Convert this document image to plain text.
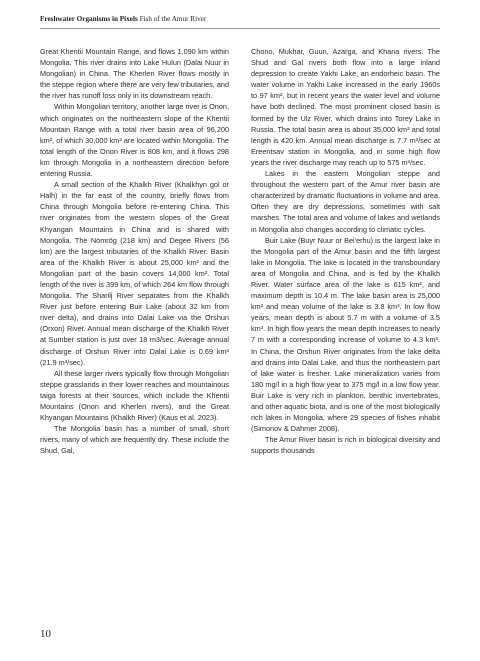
Freshwater Organisms in Pixels Fish of the Amur River

Great Khentii Mountain Range, and flows 1,090 km within Mongolia. This river drains into Lake Hulun (Dalai Nuur in Mongolian) in China. The Kherlen River flows mostly in the steppe region where there are very few tributaries, and the river has runoff loss only in its downstream reach.

Within Mongolian territory, another large river is Onon, which originates on the northeastern slope of the Khentii Mountain Range with a total river basin area of 96,200 km², of which 30,000 km² are located within Mongolia. The total length of the Onon River is 808 km, and it flows 298 km through Mongolia in a northeastern direction before entering Russia.

A small section of the Khalkh River (Khalkhyn gol or Halh) in the far east of the country, briefly flows from China through Mongolia before re-entering China. This river originates from the western slopes of the Great Khyangan Mountains in China and is shared with Mongolia. The Nömrög (218 km) and Degee Rivers (56 km) are the largest tributaries of the Khalkh River. Basin area of the Khalkh River is about 25,000 km² and the Mongolian part of the basin covers 14,000 km². Total length of the river is 399 km, of which 264 km flow through Mongolia. The Sharilj River separates from the Khalkh River just before entering Buir Lake (about 32 km from river delta), and drains into Dalai Lake via the Orshun (Orxon) River. Annual mean discharge of the Khalkh River at Sumber station is just over 18 m3/sec. Average annual discharge of Orshun River into Dalai Lake is 0.69 km³ (21.9 m³/sec).

All these larger rivers typically flow through Mongolian steppe grasslands in their lower reaches and mountainous taiga forests at their sources, which include the Khentii Mountains (Onon and Kherlen rivers), and the Great Khyangan Mountains (Khalkh River) (Kaus et al. 2023).

The Mongolia basin has a number of small, short rivers, many of which are frequently dry. These include the Shud, Gal,

Chono, Mukhar, Guun, Azarga, and Khana rivers. The Shud and Gal rivers both flow into a large inland depression to create Yakhi Lake, an endorheic basin. The water volume in Yakhi Lake increased in the early 1960s to 97 km², but in recent years the water level and volume have both declined. The most prominent closed basin is formed by the Ulz River, which drains into Torey Lake in Russia. The total basin area is about 35,000 km² and total length is 420 km. Annual mean discharge is 7.7 m³/sec at Ereentsav station in Mongolia, and in some high flow years the river discharge may reach up to 575 m³/sec.

Lakes in the eastern Mongolian steppe and throughout the western part of the Amur river basin are characterized by dramatic fluctuations in volume and area. Often they are dry depressions, sometimes with salt marshes. The total area and volume of lakes and wetlands in Mongolia also changes according to climatic cycles.

Buir Lake (Buyr Nuur or Bei'erhu) is the largest lake in the Mongolia part of the Amur basin and the fifth largest lake in Mongolia. The lake is located in the transboundary area of Mongolia and China, and is fed by the Khalkh River. Water surface area of the lake is 615 km², and maximum depth is 10.4 m. The lake basin area is 25,000 km² and mean volume of the lake is 3.8 km³. In low flow years, mean depth is about 5.7 m with a volume of 3.5 km³. In high flow years the mean depth increases to nearly 7 m with a corresponding increase of volume to 4.3 km³. In China, the Orshun River originates from the lake delta and drains into Dalai Lake, and thus the northeastern part of lake water is fresher. Lake mineralization varies from 180 mg/l in a high flow year to 375 mg/l in a low flow year. Buir Lake is very rich in plankton, benthic invertebrates, and other aquatic biota, and is one of the most biologically rich lakes in Mongolia, where 29 species of fishes inhabit (Simonov & Dahmer 2008).

The Amur River basin is rich in biological diversity and supports thousands

10
